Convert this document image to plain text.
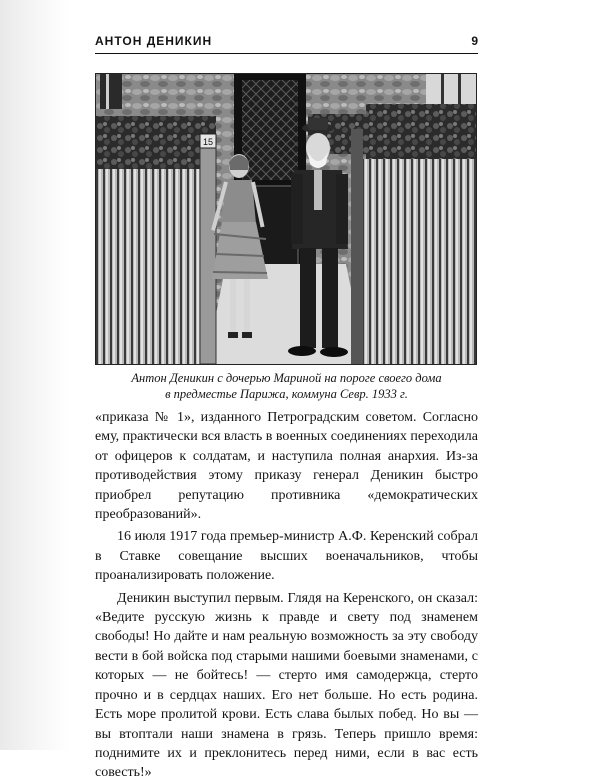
АНТОН ДЕНИКИН	9
15
Антон Деникин с дочерью Мариной на пороге своего дома
в предместье Парижа, коммуна Севр. 1933 г.

«приказа № 1», изданного Петроградским советом. Согласно ему, практически вся власть в военных соединениях переходила от офицеров к солдатам, и наступила полная анархия. Из-за противодействия этому приказу генерал Деникин быстро приобрел репутацию противника «демократических преобразований».

16 июля 1917 года премьер-министр А.Ф. Керенский собрал в Ставке совещание высших военачальников, чтобы проанализировать положение.

Деникин выступил первым. Глядя на Керенского, он сказал: «Ведите русскую жизнь к правде и свету под знаменем свободы! Но дайте и нам реальную возможность за эту свободу вести в бой войска под старыми нашими боевыми знаменами, с которых — не бойтесь! — стерто имя самодержца, стерто прочно и в сердцах наших. Его нет больше. Но есть родина. Есть море пролитой крови. Есть слава былых побед. Но вы — вы втоптали наши знамена в грязь. Теперь пришло время: поднимите их и преклонитесь перед ними, если в вас есть совесть!»
